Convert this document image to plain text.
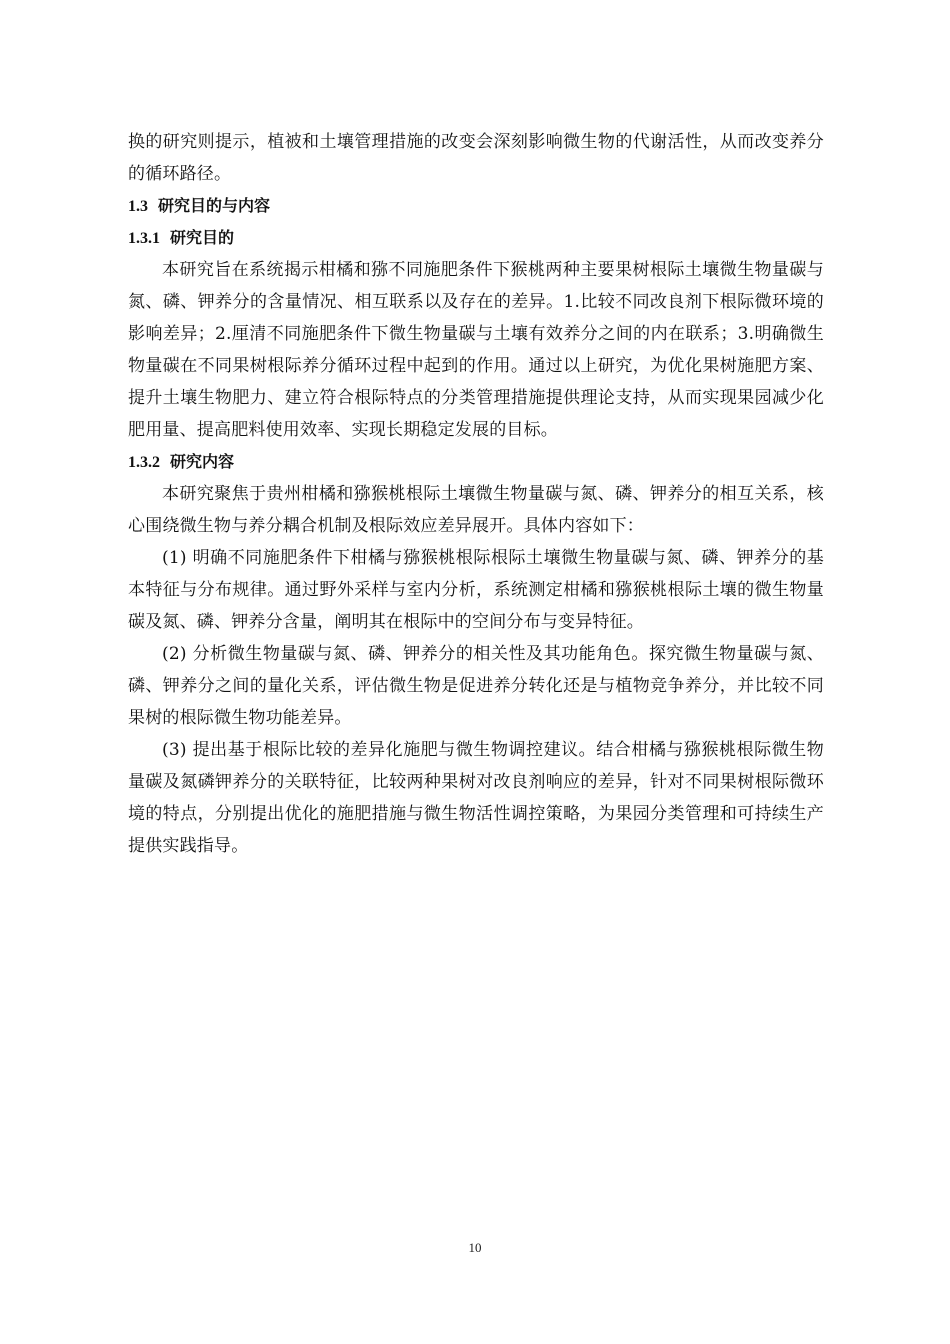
换的研究则提示，植被和土壤管理措施的改变会深刻影响微生物的代谢活性，从而改变养分的循环路径。

1.3 研究目的与内容
1.3.1 研究目的

本研究旨在系统揭示柑橘和猕不同施肥条件下猴桃两种主要果树根际土壤微生物量碳与氮、磷、钾养分的含量情况、相互联系以及存在的差异。1.比较不同改良剂下根际微环境的影响差异；2.厘清不同施肥条件下微生物量碳与土壤有效养分之间的内在联系；3.明确微生物量碳在不同果树根际养分循环过程中起到的作用。通过以上研究，为优化果树施肥方案、提升土壤生物肥力、建立符合根际特点的分类管理措施提供理论支持，从而实现果园减少化肥用量、提高肥料使用效率、实现长期稳定发展的目标。

1.3.2 研究内容

本研究聚焦于贵州柑橘和猕猴桃根际土壤微生物量碳与氮、磷、钾养分的相互关系，核心围绕微生物与养分耦合机制及根际效应差异展开。具体内容如下：

(1) 明确不同施肥条件下柑橘与猕猴桃根际根际土壤微生物量碳与氮、磷、钾养分的基本特征与分布规律。通过野外采样与室内分析，系统测定柑橘和猕猴桃根际土壤的微生物量碳及氮、磷、钾养分含量，阐明其在根际中的空间分布与变异特征。

(2) 分析微生物量碳与氮、磷、钾养分的相关性及其功能角色。探究微生物量碳与氮、磷、钾养分之间的量化关系，评估微生物是促进养分转化还是与植物竞争养分，并比较不同果树的根际微生物功能差异。

(3) 提出基于根际比较的差异化施肥与微生物调控建议。结合柑橘与猕猴桃根际微生物量碳及氮磷钾养分的关联特征，比较两种果树对改良剂响应的差异，针对不同果树根际微环境的特点，分别提出优化的施肥措施与微生物活性调控策略，为果园分类管理和可持续生产提供实践指导。

10
